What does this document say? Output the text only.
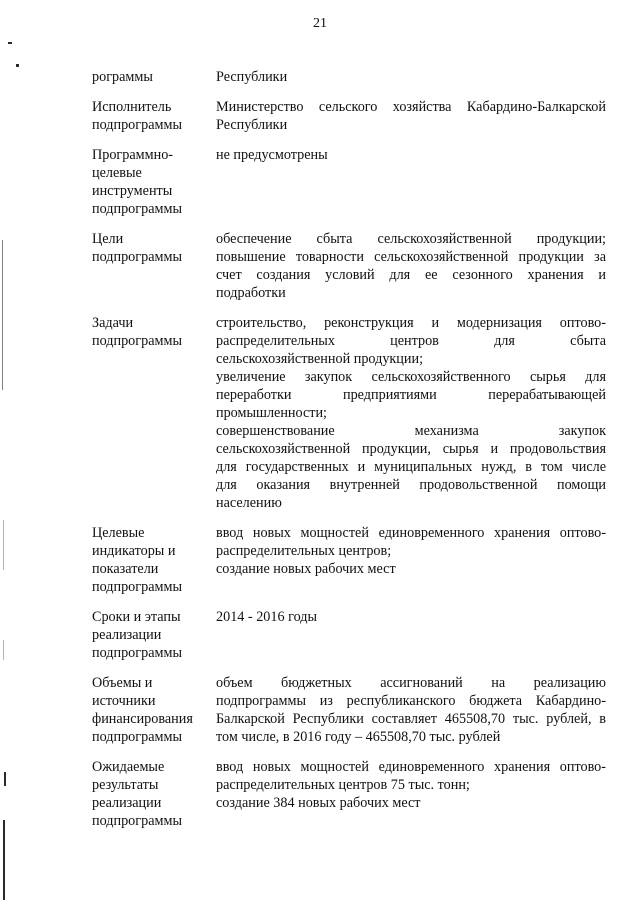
21
рограммы	Республики
Исполнитель
подпрограммы
Министерство сельского хозяйства Кабардино-Балкарской
Республики
Программно-
целевые
инструменты
подпрограммы
не предусмотрены
Цели
подпрограммы
обеспечение сбыта сельскохозяйственной продукции;
повышение товарности сельскохозяйственной продукции за
счет создания условий для ее сезонного хранения и
подработки
Задачи
подпрограммы
строительство, реконструкция и модернизация оптово-
распределительных центров для сбыта
сельскохозяйственной продукции;
увеличение закупок сельскохозяйственного сырья для
переработки предприятиями перерабатывающей
промышленности;
совершенствование механизма закупок
сельскохозяйственной продукции, сырья и продовольствия
для государственных и муниципальных нужд, в том числе
для оказания внутренней продовольственной помощи
населению
Целевые
индикаторы и
показатели
подпрограммы
ввод новых мощностей единовременного хранения оптово-
распределительных центров;
создание новых рабочих мест
Сроки и этапы
реализации
подпрограммы
2014 - 2016 годы
Объемы и
источники
финансирования
подпрограммы
объем бюджетных ассигнований на реализацию
подпрограммы из республиканского бюджета Кабардино-
Балкарской Республики составляет 465508,70 тыс. рублей, в
том числе, в 2016 году – 465508,70 тыс. рублей
Ожидаемые
результаты
реализации
подпрограммы
ввод новых мощностей единовременного хранения оптово-
распределительных центров 75 тыс. тонн;
создание 384 новых рабочих мест
